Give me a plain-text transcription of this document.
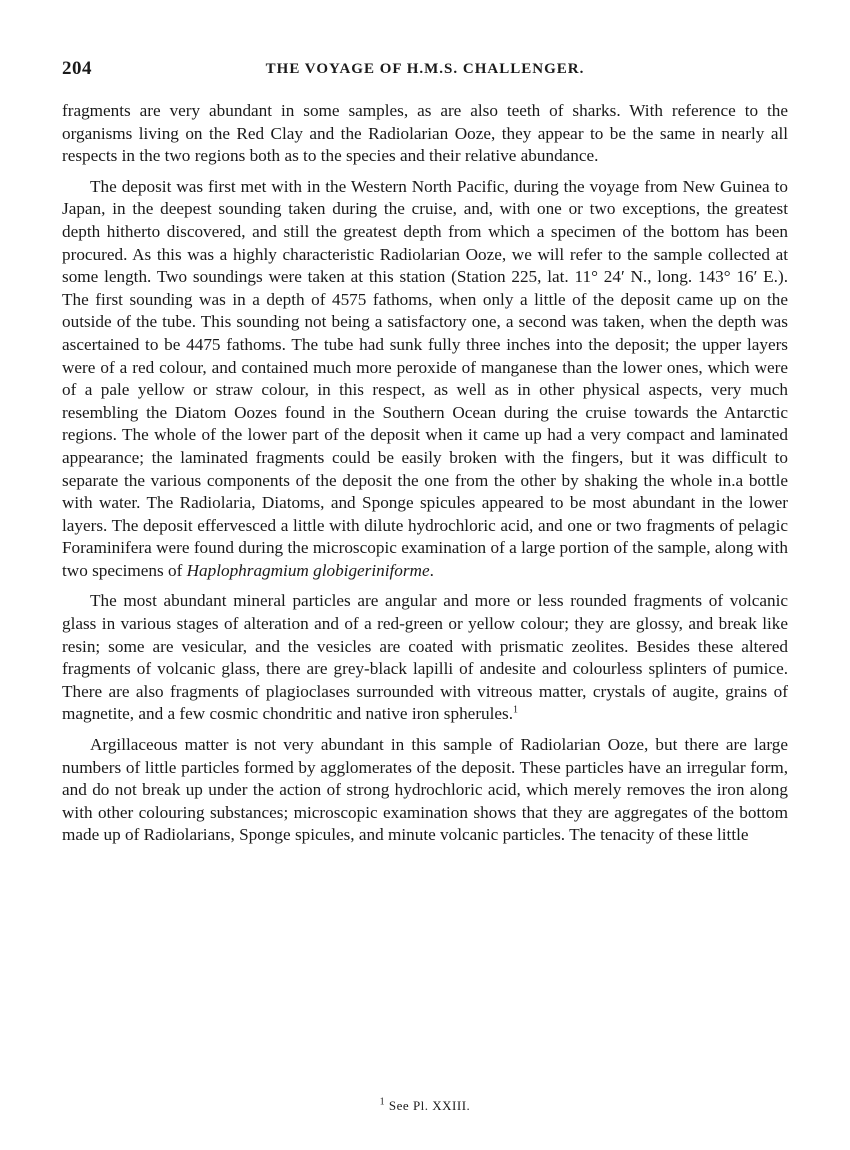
204	THE VOYAGE OF H.M.S. CHALLENGER.

fragments are very abundant in some samples, as are also teeth of sharks. With reference to the organisms living on the Red Clay and the Radiolarian Ooze, they appear to be the same in nearly all respects in the two regions both as to the species and their relative abundance.

The deposit was first met with in the Western North Pacific, during the voyage from New Guinea to Japan, in the deepest sounding taken during the cruise, and, with one or two exceptions, the greatest depth hitherto discovered, and still the greatest depth from which a specimen of the bottom has been procured. As this was a highly characteristic Radiolarian Ooze, we will refer to the sample collected at some length. Two soundings were taken at this station (Station 225, lat. 11° 24′ N., long. 143° 16′ E.). The first sounding was in a depth of 4575 fathoms, when only a little of the deposit came up on the outside of the tube. This sounding not being a satisfactory one, a second was taken, when the depth was ascertained to be 4475 fathoms. The tube had sunk fully three inches into the deposit; the upper layers were of a red colour, and contained much more peroxide of manganese than the lower ones, which were of a pale yellow or straw colour, in this respect, as well as in other physical aspects, very much resembling the Diatom Oozes found in the Southern Ocean during the cruise towards the Antarctic regions. The whole of the lower part of the deposit when it came up had a very compact and laminated appearance; the laminated fragments could be easily broken with the fingers, but it was difficult to separate the various components of the deposit the one from the other by shaking the whole in.a bottle with water. The Radiolaria, Diatoms, and Sponge spicules appeared to be most abundant in the lower layers. The deposit effervesced a little with dilute hydrochloric acid, and one or two fragments of pelagic Foraminifera were found during the microscopic examination of a large portion of the sample, along with two specimens of Haplophragmium globigeriniforme.

The most abundant mineral particles are angular and more or less rounded fragments of volcanic glass in various stages of alteration and of a red-green or yellow colour; they are glossy, and break like resin; some are vesicular, and the vesicles are coated with prismatic zeolites. Besides these altered fragments of volcanic glass, there are grey-black lapilli of andesite and colourless splinters of pumice. There are also fragments of plagioclases surrounded with vitreous matter, crystals of augite, grains of magnetite, and a few cosmic chondritic and native iron spherules.$^1$

Argillaceous matter is not very abundant in this sample of Radiolarian Ooze, but there are large numbers of little particles formed by agglomerates of the deposit. These particles have an irregular form, and do not break up under the action of strong hydrochloric acid, which merely removes the iron along with other colouring substances; microscopic examination shows that they are aggregates of the bottom made up of Radiolarians, Sponge spicules, and minute volcanic particles. The tenacity of these little

$^1$ See Pl. XXIII.
